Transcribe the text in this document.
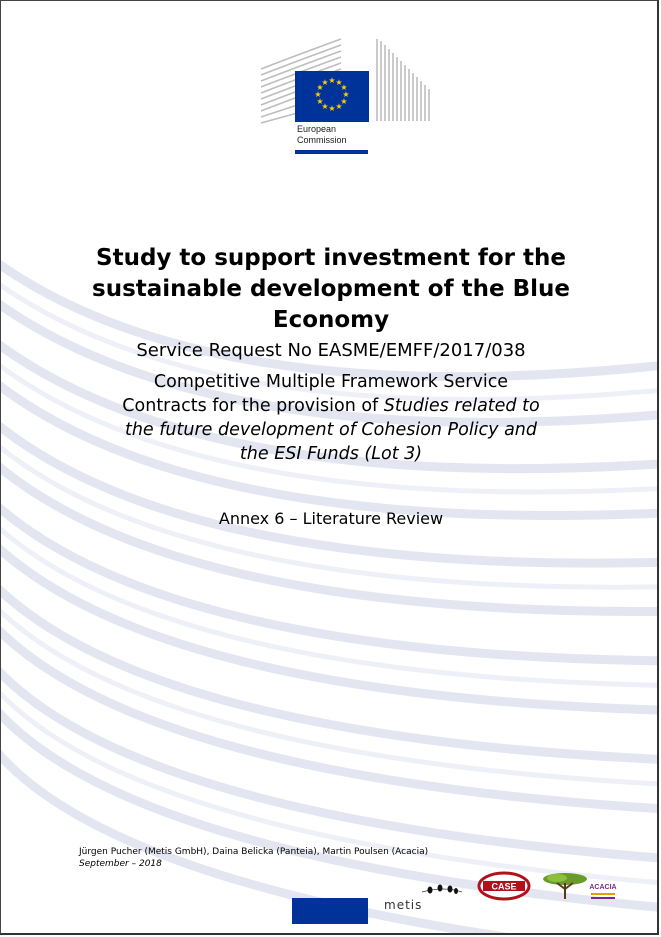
★ ★
★
★
★
★
★
★
★
★
★
★
European
Commission
Study to support investment for the
sustainable development of the Blue
Economy
Service Request No EASME/EMFF/2017/038
Competitive Multiple Framework Service
Contracts for the provision of Studies related to
the future development of Cohesion Policy and
the ESI Funds (Lot 3)
Annex 6 – Literature Review
Jürgen Pucher (Metis GmbH), Daina Belicka (Panteia), Martin Poulsen (Acacia)
September – 2018
metis
CASE	ACACIA
